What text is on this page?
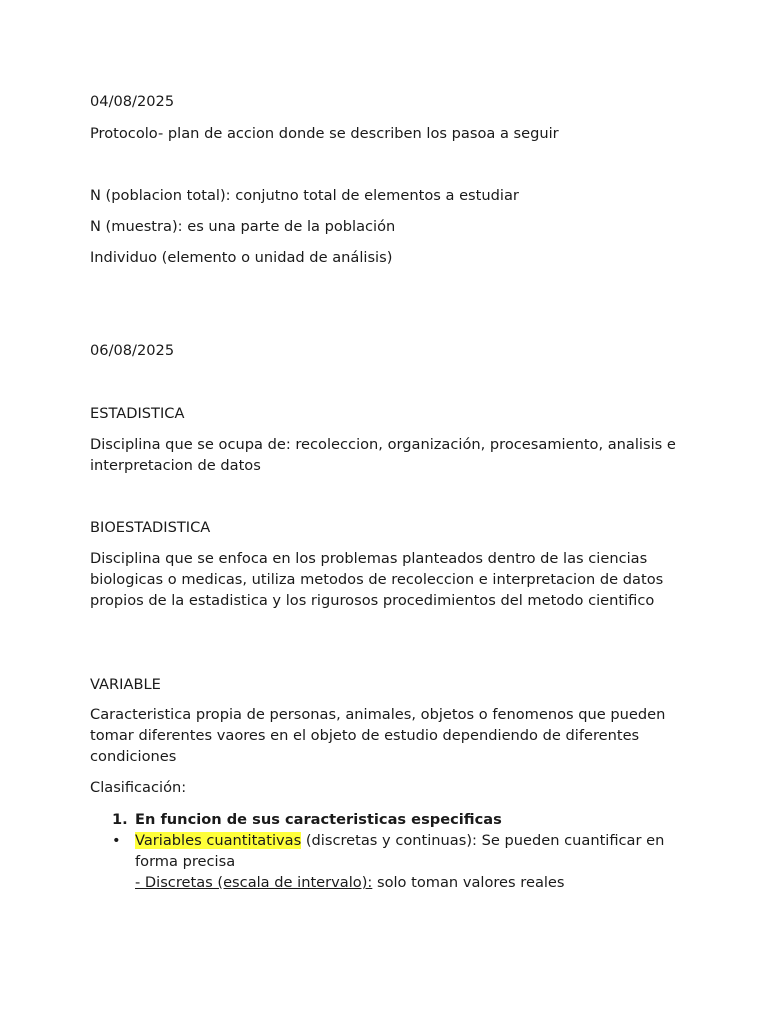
04/08/2025
Protocolo- plan de accion donde se describen los pasoa a seguir
N (poblacion total): conjutno total de elementos a estudiar
N (muestra): es una parte de la población
Individuo (elemento o unidad de análisis)
06/08/2025
ESTADISTICA
Disciplina que se ocupa de: recoleccion, organización, procesamiento, analisis e interpretacion de datos
BIOESTADISTICA
Disciplina que se enfoca en los problemas planteados dentro de las ciencias biologicas o medicas, utiliza metodos de recoleccion e interpretacion de datos propios de la estadistica y los rigurosos procedimientos del metodo cientifico
VARIABLE
Caracteristica propia de personas, animales, objetos o fenomenos que pueden tomar diferentes vaores en el objeto de estudio dependiendo de diferentes condiciones
Clasificación:
1. En funcion de sus caracteristicas especificas
• Variables cuantitativas (discretas y continuas): Se pueden cuantificar en forma precisa
- Discretas (escala de intervalo): solo toman valores reales
